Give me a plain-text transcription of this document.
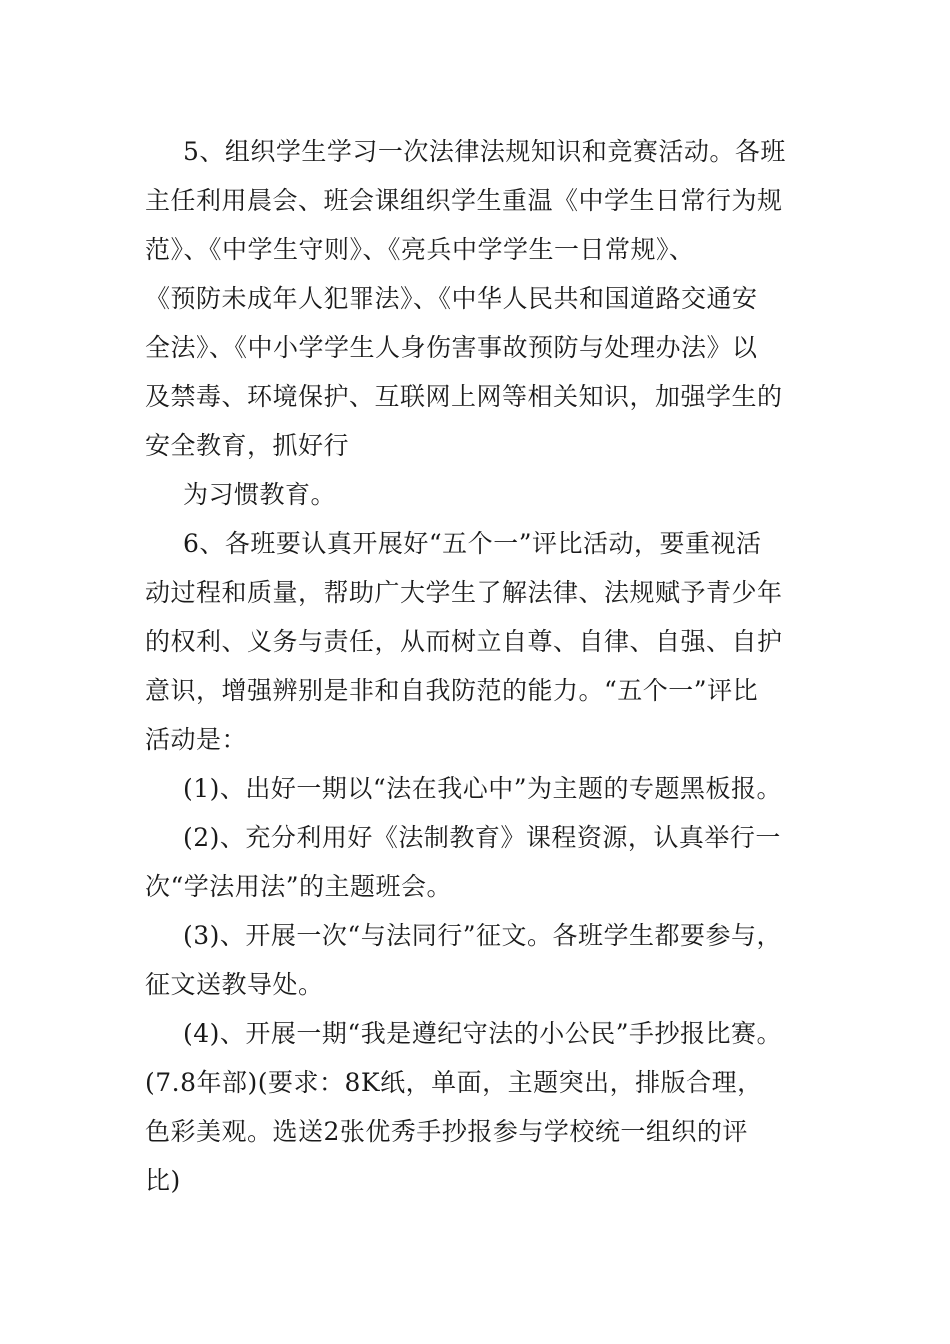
5、组织学生学习一次法律法规知识和竞赛活动。各班
主任利用晨会、班会课组织学生重温《中学生日常行为规
范》、《中学生守则》、《亮兵中学学生一日常规》、
《预防未成年人犯罪法》、《中华人民共和国道路交通安
全法》、《中小学学生人身伤害事故预防与处理办法》以
及禁毒、环境保护、互联网上网等相关知识，加强学生的
安全教育，抓好行
为习惯教育。
6、各班要认真开展好“五个一”评比活动，要重视活
动过程和质量，帮助广大学生了解法律、法规赋予青少年
的权利、义务与责任，从而树立自尊、自律、自强、自护
意识，增强辨别是非和自我防范的能力。“五个一”评比
活动是：
(1)、出好一期以“法在我心中”为主题的专题黑板报。
(2)、充分利用好《法制教育》课程资源，认真举行一
次“学法用法”的主题班会。
(3)、开展一次“与法同行”征文。各班学生都要参与，
征文送教导处。
(4)、开展一期“我是遵纪守法的小公民”手抄报比赛。
(7.8年部)(要求：8K纸，单面，主题突出，排版合理，
色彩美观。选送2张优秀手抄报参与学校统一组织的评
比)
